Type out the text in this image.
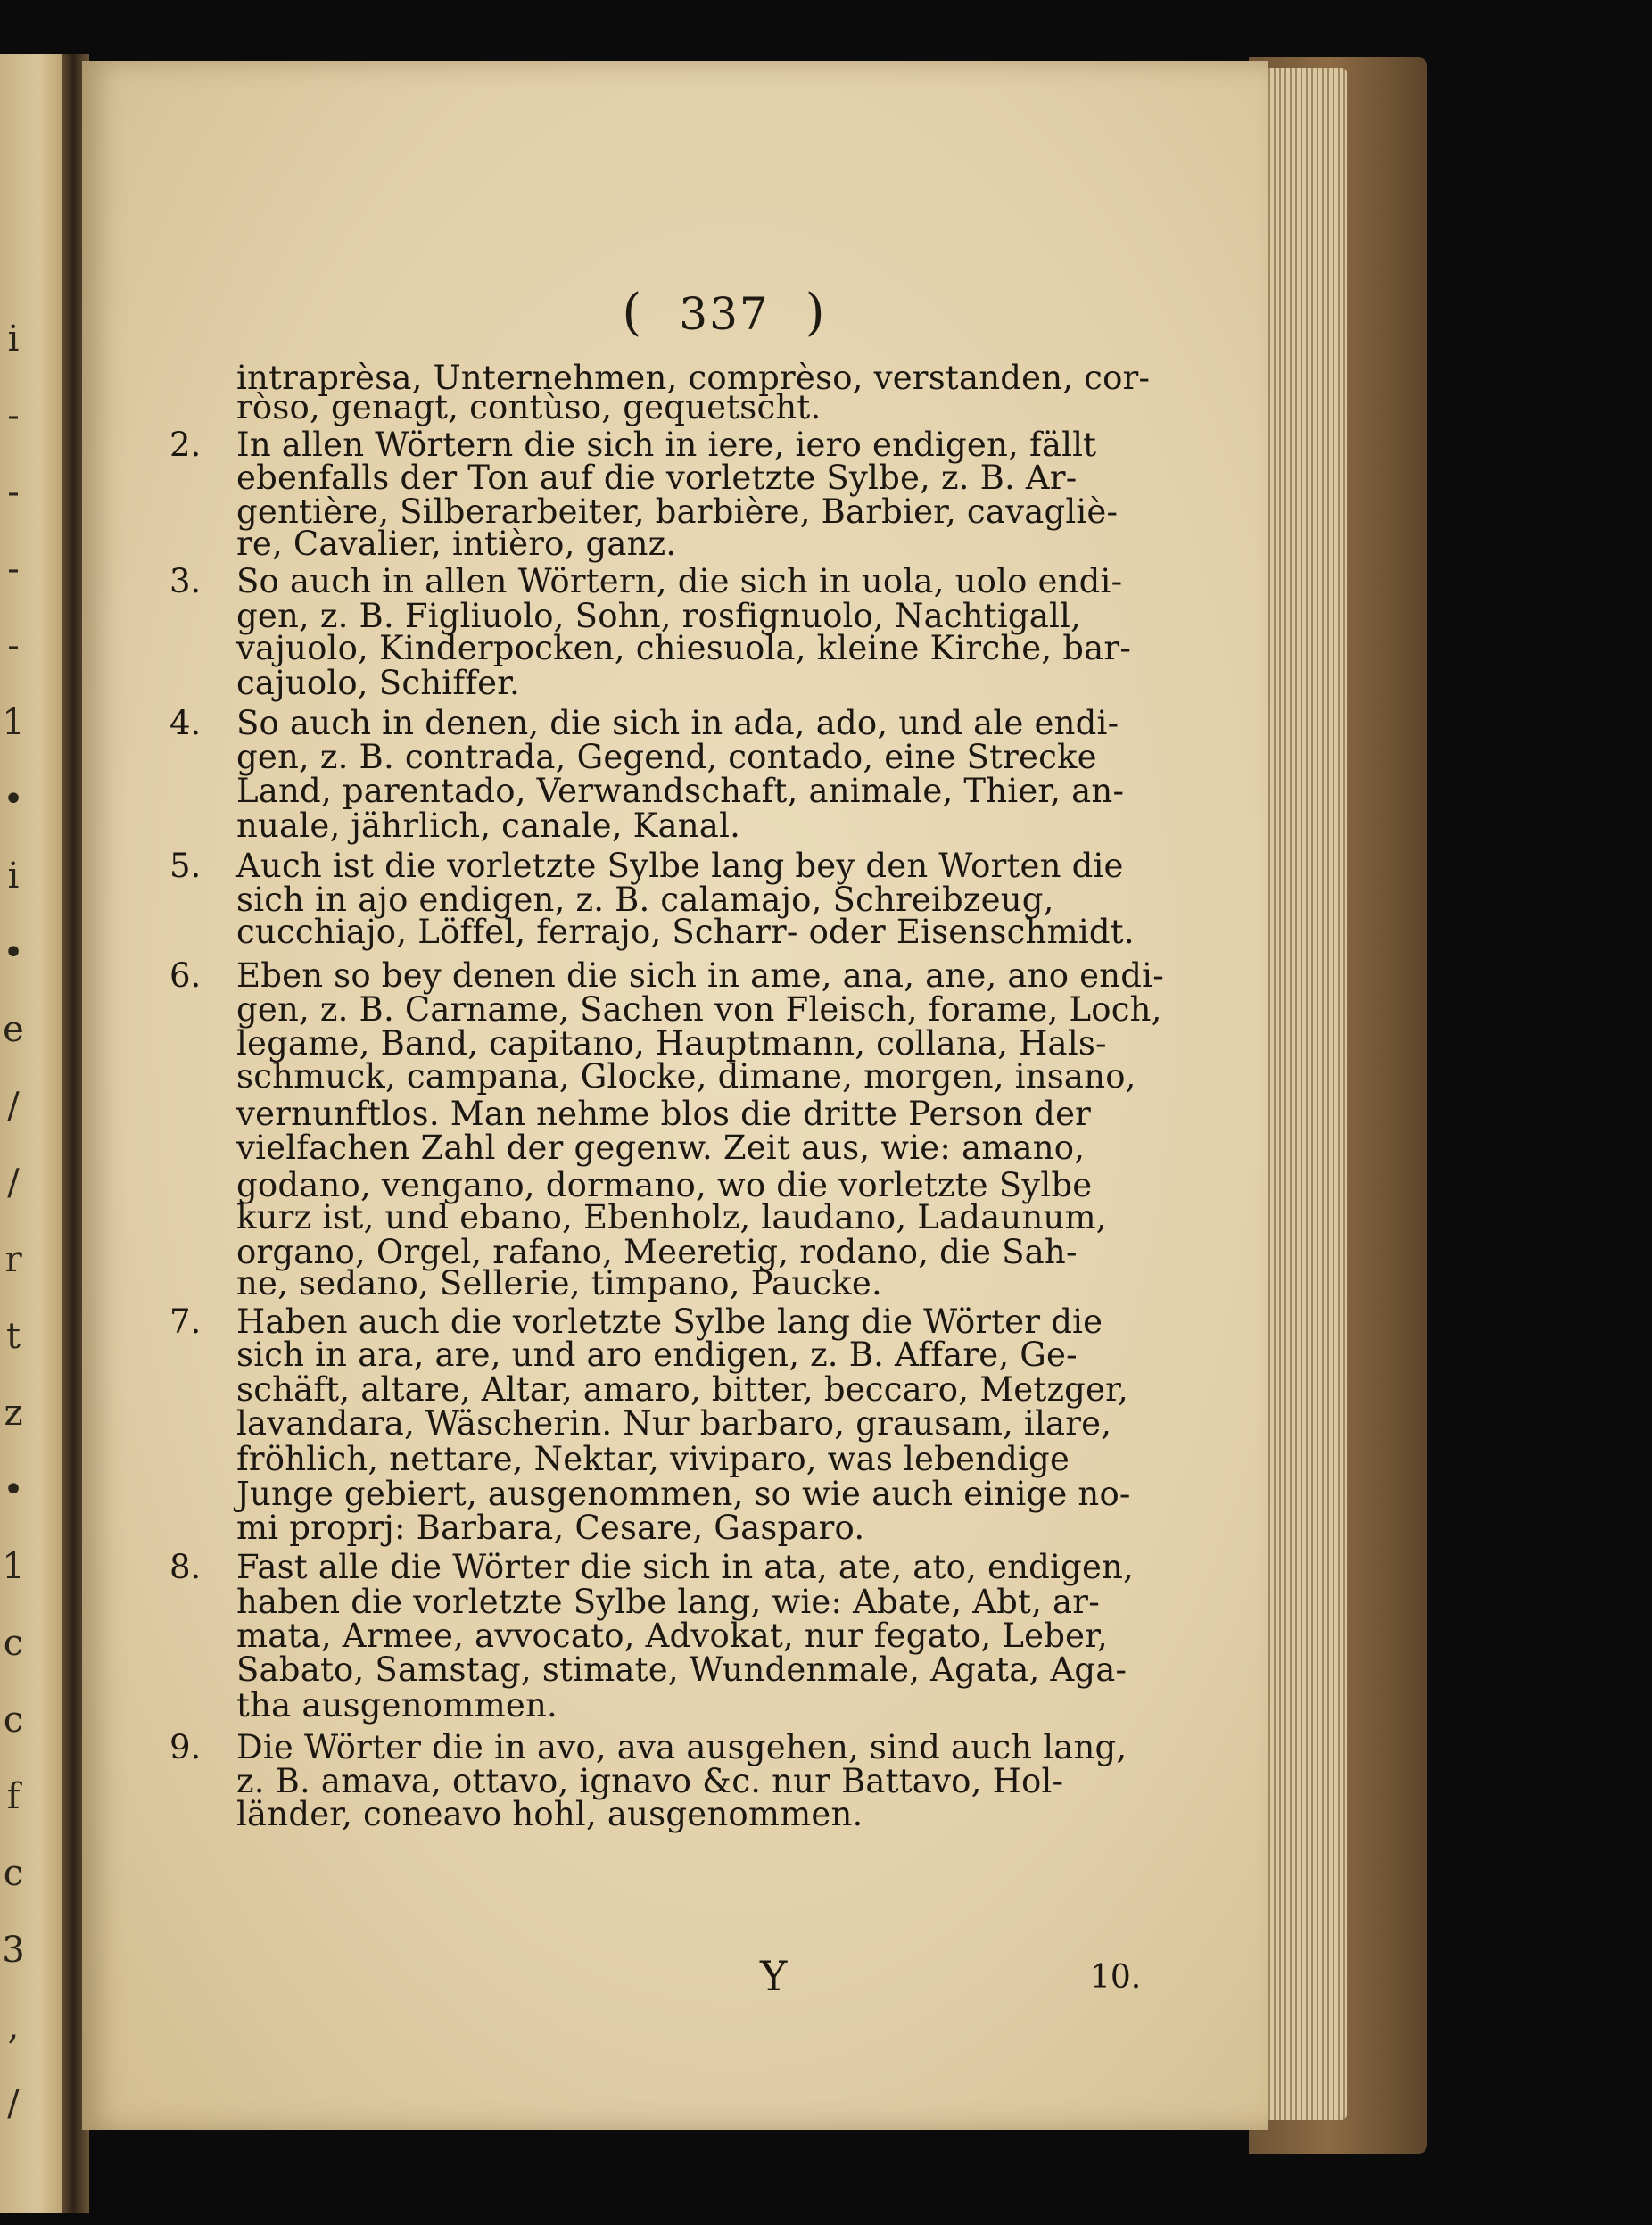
i
-
-
-
-
1
•
i
•
e
/
/
r
t
z
•
1
c
c
f
c
3
,
/
( 337 )
intraprèsa, Unternehmen, comprèso, verstanden, cor-
ròso, genagt, contùso, gequetscht.
In allen Wörtern die sich in iere, iero endigen, fällt
ebenfalls der Ton auf die vorletzte Sylbe, z. B. Ar-
gentière, Silberarbeiter, barbière, Barbier, cavagliè-
re, Cavalier, intièro, ganz.
So auch in allen Wörtern, die sich in uola, uolo endi-
gen, z. B. Figliuolo, Sohn, rosfignuolo, Nachtigall,
vajuolo, Kinderpocken, chiesuola, kleine Kirche, bar-
cajuolo, Schiffer.
So auch in denen, die sich in ada, ado, und ale endi-
gen, z. B. contrada, Gegend, contado, eine Strecke
Land, parentado, Verwandschaft, animale, Thier, an-
nuale, jährlich, canale, Kanal.
Auch ist die vorletzte Sylbe lang bey den Worten die
sich in ajo endigen, z. B. calamajo, Schreibzeug,
cucchiajo, Löffel, ferrajo, Scharr- oder Eisenschmidt.
Eben so bey denen die sich in ame, ana, ane, ano endi-
gen, z. B. Carname, Sachen von Fleisch, forame, Loch,
legame, Band, capitano, Hauptmann, collana, Hals-
schmuck, campana, Glocke, dimane, morgen, insano,
vernunftlos. Man nehme blos die dritte Person der
vielfachen Zahl der gegenw. Zeit aus, wie: amano,
godano, vengano, dormano, wo die vorletzte Sylbe
kurz ist, und ebano, Ebenholz, laudano, Ladaunum,
organo, Orgel, rafano, Meeretig, rodano, die Sah-
ne, sedano, Sellerie, timpano, Paucke.
Haben auch die vorletzte Sylbe lang die Wörter die
sich in ara, are, und aro endigen, z. B. Affare, Ge-
schäft, altare, Altar, amaro, bitter, beccaro, Metzger,
lavandara, Wäscherin. Nur barbaro, grausam, ilare,
fröhlich, nettare, Nektar, viviparo, was lebendige
Junge gebiert, ausgenommen, so wie auch einige no-
mi proprj: Barbara, Cesare, Gasparo.
Fast alle die Wörter die sich in ata, ate, ato, endigen,
haben die vorletzte Sylbe lang, wie: Abate, Abt, ar-
mata, Armee, avvocato, Advokat, nur fegato, Leber,
Sabato, Samstag, stimate, Wundenmale, Agata, Aga-
tha ausgenommen.
Die Wörter die in avo, ava ausgehen, sind auch lang,
z. B. amava, ottavo, ignavo &c. nur Battavo, Hol-
länder, coneavo hohl, ausgenommen.
2.
3.
4.
5.
6.
7.
8.
9.
Y	10.
